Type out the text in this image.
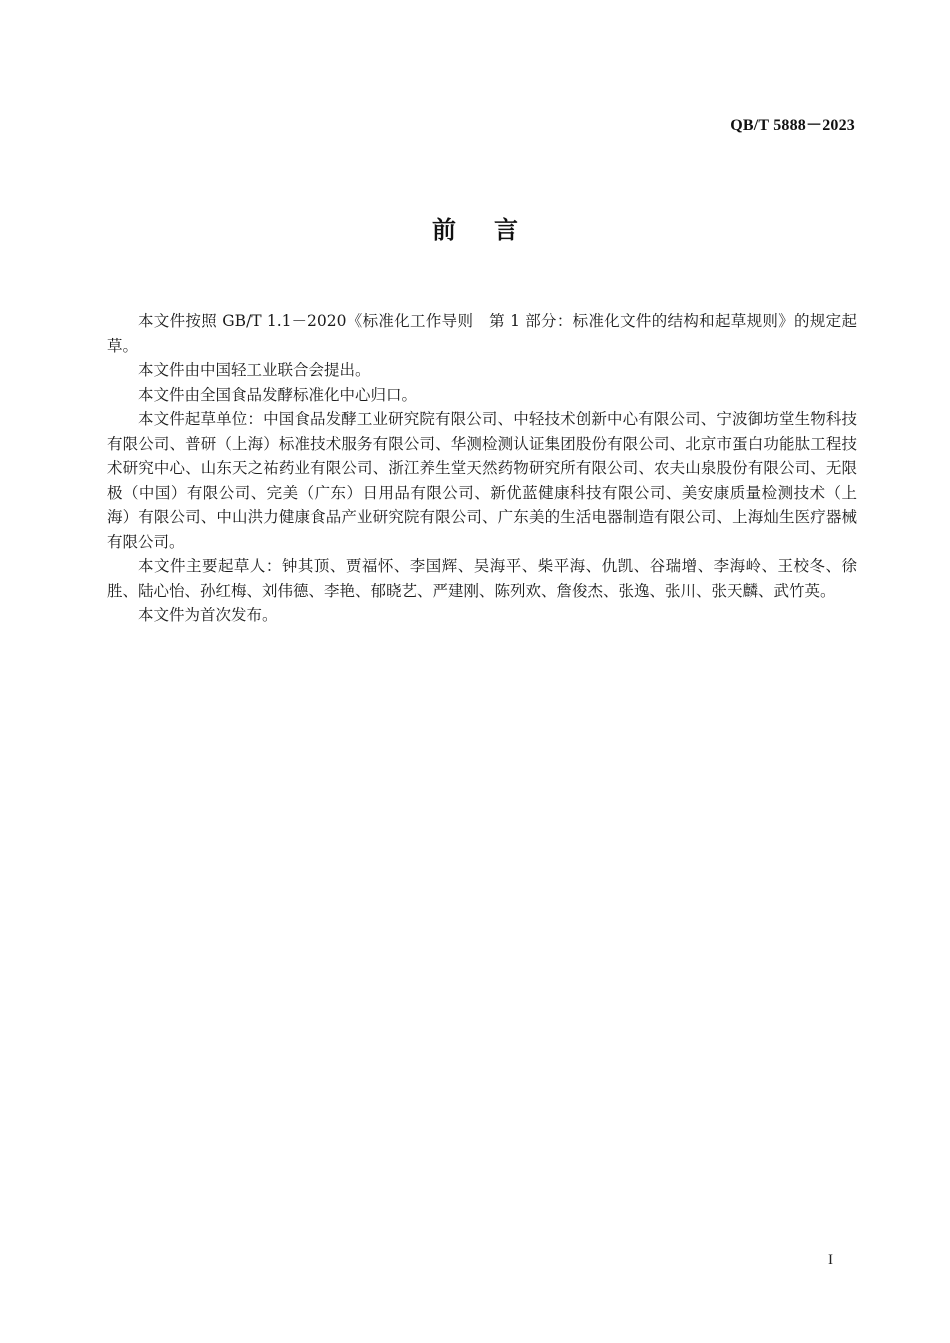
QB/T 5888－2023
前言

本文件按照 GB/T 1.1－2020《标准化工作导则　第 1 部分：标准化文件的结构和起草规则》的规定起草。

本文件由中国轻工业联合会提出。

本文件由全国食品发酵标准化中心归口。

本文件起草单位：中国食品发酵工业研究院有限公司、中轻技术创新中心有限公司、宁波御坊堂生物科技有限公司、普研（上海）标准技术服务有限公司、华测检测认证集团股份有限公司、北京市蛋白功能肽工程技术研究中心、山东天之祐药业有限公司、浙江养生堂天然药物研究所有限公司、农夫山泉股份有限公司、无限极（中国）有限公司、完美（广东）日用品有限公司、新优蓝健康科技有限公司、美安康质量检测技术（上海）有限公司、中山洪力健康食品产业研究院有限公司、广东美的生活电器制造有限公司、上海灿生医疗器械有限公司。

本文件主要起草人：钟其顶、贾福怀、李国辉、吴海平、柴平海、仇凯、谷瑞增、李海岭、王校冬、徐胜、陆心怡、孙红梅、刘伟德、李艳、郁晓艺、严建刚、陈列欢、詹俊杰、张逸、张川、张天麟、武竹英。

本文件为首次发布。

I
